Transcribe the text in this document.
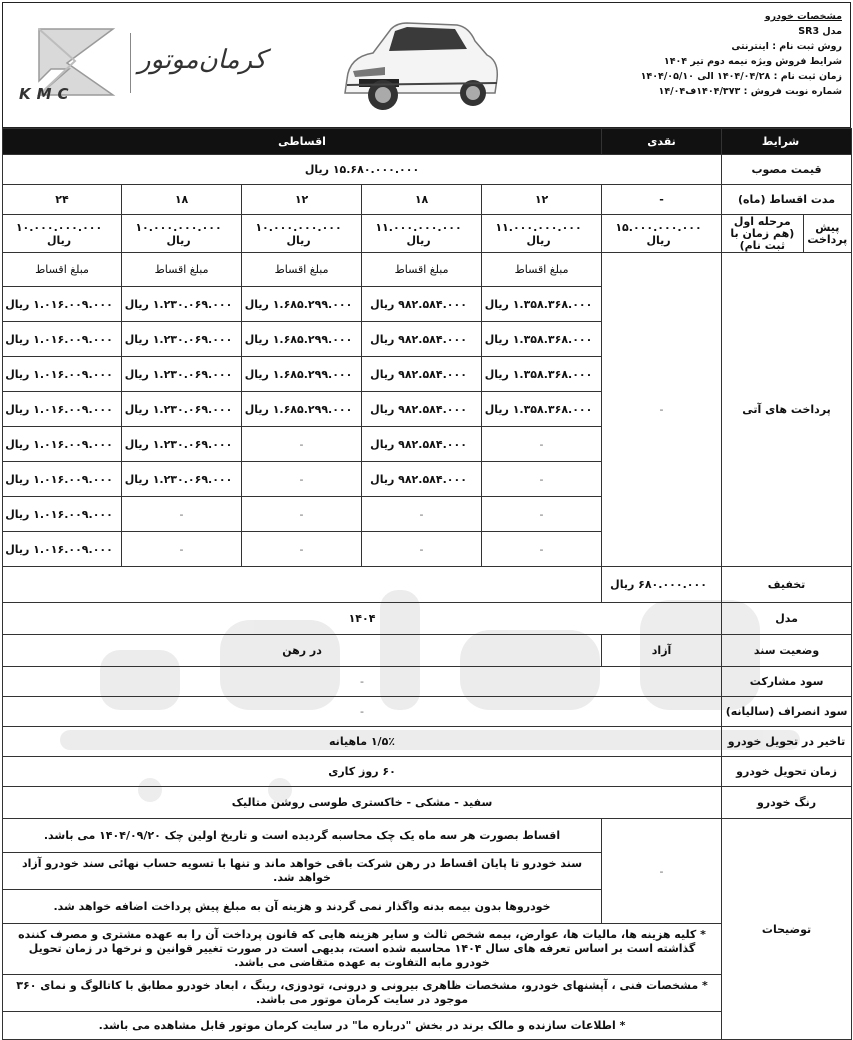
KMC
کرمان‌موتور
مشخصات خودرو
مدل SR3
روش ثبت نام : اینترنتی
شرایط فروش ویژه نیمه دوم تیر ۱۴۰۴
زمان ثبت نام : ۱۴۰۴/۰۴/۲۸ الی ۱۴۰۴/۰۵/۱۰
شماره نوبت فروش : ۱۴۰۴/۳۷۳ف۱۴/۰۴
شرایط	نقدی	اقساطی
قیمت مصوب	۱۵.۶۸۰.۰۰۰.۰۰۰ ریال
مدت اقساط (ماه)	-	۱۲	۱۸	۱۲	۱۸	۲۴

پیش پرداخت	مرحله اول (هم زمان با ثبت نام)
	۱۵.۰۰۰.۰۰۰.۰۰۰ ریال	۱۱.۰۰۰.۰۰۰.۰۰۰ ریال	۱۱.۰۰۰.۰۰۰.۰۰۰ ریال	۱۰.۰۰۰.۰۰۰.۰۰۰ ریال	۱۰.۰۰۰.۰۰۰.۰۰۰ ریال	۱۰.۰۰۰.۰۰۰.۰۰۰ ریال
پرداخت های آتی	-	مبلغ اقساط	مبلغ اقساط	مبلغ اقساط	مبلغ اقساط	مبلغ اقساط
۱.۳۵۸.۳۶۸.۰۰۰ ریال	۹۸۲.۵۸۴.۰۰۰ ریال	۱.۶۸۵.۲۹۹.۰۰۰ ریال	۱.۲۳۰.۰۶۹.۰۰۰ ریال	۱.۰۱۶.۰۰۹.۰۰۰ ریال
۱.۳۵۸.۳۶۸.۰۰۰ ریال	۹۸۲.۵۸۴.۰۰۰ ریال	۱.۶۸۵.۲۹۹.۰۰۰ ریال	۱.۲۳۰.۰۶۹.۰۰۰ ریال	۱.۰۱۶.۰۰۹.۰۰۰ ریال
۱.۳۵۸.۳۶۸.۰۰۰ ریال	۹۸۲.۵۸۴.۰۰۰ ریال	۱.۶۸۵.۲۹۹.۰۰۰ ریال	۱.۲۳۰.۰۶۹.۰۰۰ ریال	۱.۰۱۶.۰۰۹.۰۰۰ ریال
۱.۳۵۸.۳۶۸.۰۰۰ ریال	۹۸۲.۵۸۴.۰۰۰ ریال	۱.۶۸۵.۲۹۹.۰۰۰ ریال	۱.۲۳۰.۰۶۹.۰۰۰ ریال	۱.۰۱۶.۰۰۹.۰۰۰ ریال
-	۹۸۲.۵۸۴.۰۰۰ ریال	-	۱.۲۳۰.۰۶۹.۰۰۰ ریال	۱.۰۱۶.۰۰۹.۰۰۰ ریال
-	۹۸۲.۵۸۴.۰۰۰ ریال	-	۱.۲۳۰.۰۶۹.۰۰۰ ریال	۱.۰۱۶.۰۰۹.۰۰۰ ریال
-	-	-	-	۱.۰۱۶.۰۰۹.۰۰۰ ریال
-	-	-	-	۱.۰۱۶.۰۰۹.۰۰۰ ریال
تخفیف	۶۸۰.۰۰۰.۰۰۰ ریال	
مدل	۱۴۰۴
وضعیت سند	آزاد	در رهن
سود مشارکت	-
سود انصراف (سالیانه)	-
تاخیر در تحویل خودرو	۱/۵٪ ماهیانه
زمان تحویل خودرو	۶۰ روز کاری
رنگ خودرو	سفید - مشکی - خاکستری طوسی روشن متالیک
توضیحات	-	اقساط بصورت هر سه ماه یک چک محاسبه گردیده است و تاریخ اولین چک ۱۴۰۴/۰۹/۲۰ می باشد.
سند خودرو تا پایان اقساط در رهن شرکت باقی خواهد ماند و تنها با تسویه حساب نهائی سند خودرو آزاد خواهد شد.
خودروها بدون بیمه بدنه واگذار نمی گردند و هزینه آن به مبلغ پیش پرداخت اضافه خواهد شد.
* کلیه هزینه ها، مالیات ها، عوارض، بیمه شخص ثالث و سایر هزینه هایی که قانون پرداخت آن را به عهده مشتری و مصرف کننده گذاشته است بر اساس تعرفه های سال ۱۴۰۴ محاسبه شده است، بدیهی است در صورت تغییر قوانین و نرخها در زمان تحویل خودرو مابه التفاوت به عهده متقاضی می باشد.
* مشخصات فنی ، آپشنهای خودرو، مشخصات ظاهری بیرونی و درونی، تودوزی، رینگ ، ابعاد خودرو مطابق با کاتالوگ و نمای ۳۶۰ موجود در سایت کرمان موتور می باشد.
* اطلاعات سازنده و مالک برند در بخش "درباره ما" در سایت کرمان موتور قابل مشاهده می باشد.
